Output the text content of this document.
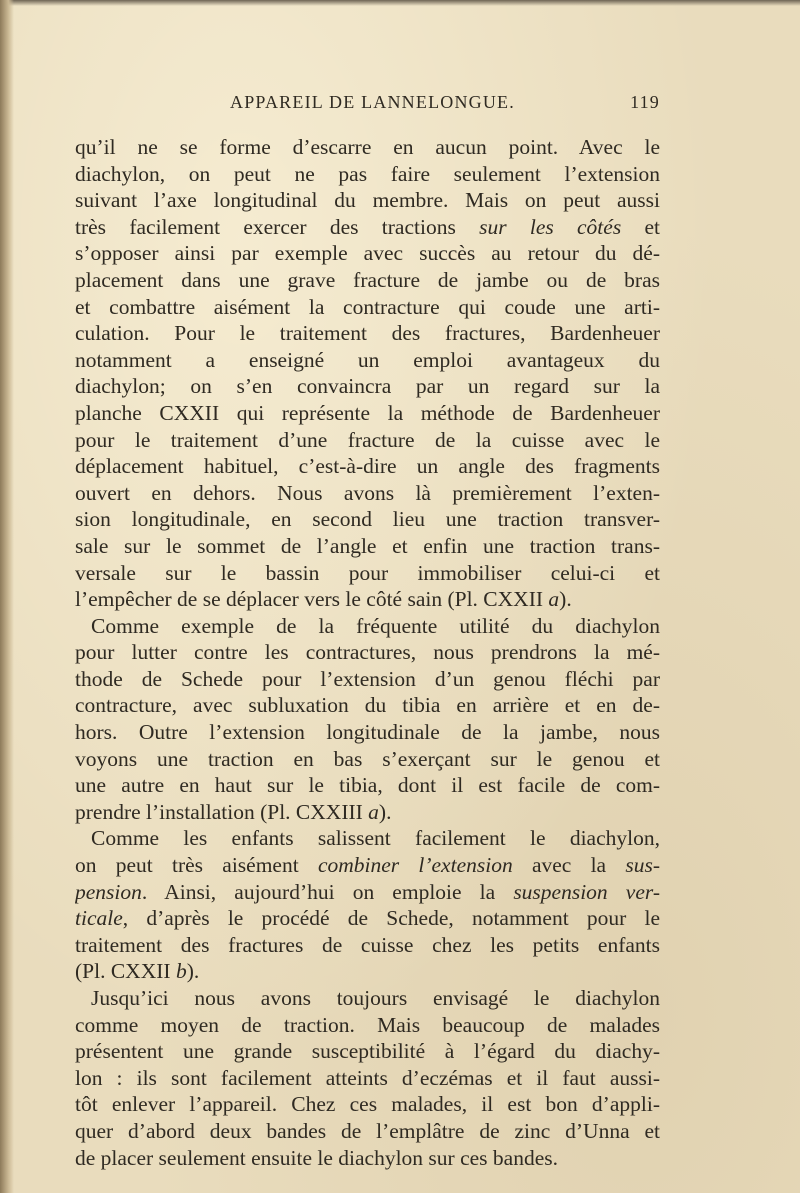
APPAREIL DE LANNELONGUE.	119
qu’il ne se forme d’escarre en aucun point. Avec le
diachylon, on peut ne pas faire seulement l’extension
suivant l’axe longitudinal du membre. Mais on peut aussi
très facilement exercer des tractions sur les côtés et
s’opposer ainsi par exemple avec succès au retour du dé-
placement dans une grave fracture de jambe ou de bras
et combattre aisément la contracture qui coude une arti-
culation. Pour le traitement des fractures, Bardenheuer
notamment a enseigné un emploi avantageux du
diachylon; on s’en convaincra par un regard sur la
planche CXXII qui représente la méthode de Bardenheuer
pour le traitement d’une fracture de la cuisse avec le
déplacement habituel, c’est-à-dire un angle des fragments
ouvert en dehors. Nous avons là premièrement l’exten-
sion longitudinale, en second lieu une traction transver-
sale sur le sommet de l’angle et enfin une traction trans-
versale sur le bassin pour immobiliser celui-ci et
l’empêcher de se déplacer vers le côté sain (Pl. CXXII a).
Comme exemple de la fréquente utilité du diachylon
pour lutter contre les contractures, nous prendrons la mé-
thode de Schede pour l’extension d’un genou fléchi par
contracture, avec subluxation du tibia en arrière et en de-
hors. Outre l’extension longitudinale de la jambe, nous
voyons une traction en bas s’exerçant sur le genou et
une autre en haut sur le tibia, dont il est facile de com-
prendre l’installation (Pl. CXXIII a).
Comme les enfants salissent facilement le diachylon,
on peut très aisément combiner l’extension avec la sus-
pension. Ainsi, aujourd’hui on emploie la suspension ver-
ticale, d’après le procédé de Schede, notamment pour le
traitement des fractures de cuisse chez les petits enfants
(Pl. CXXII b).
Jusqu’ici nous avons toujours envisagé le diachylon
comme moyen de traction. Mais beaucoup de malades
présentent une grande susceptibilité à l’égard du diachy-
lon : ils sont facilement atteints d’eczémas et il faut aussi-
tôt enlever l’appareil. Chez ces malades, il est bon d’appli-
quer d’abord deux bandes de l’emplâtre de zinc d’Unna et
de placer seulement ensuite le diachylon sur ces bandes.
